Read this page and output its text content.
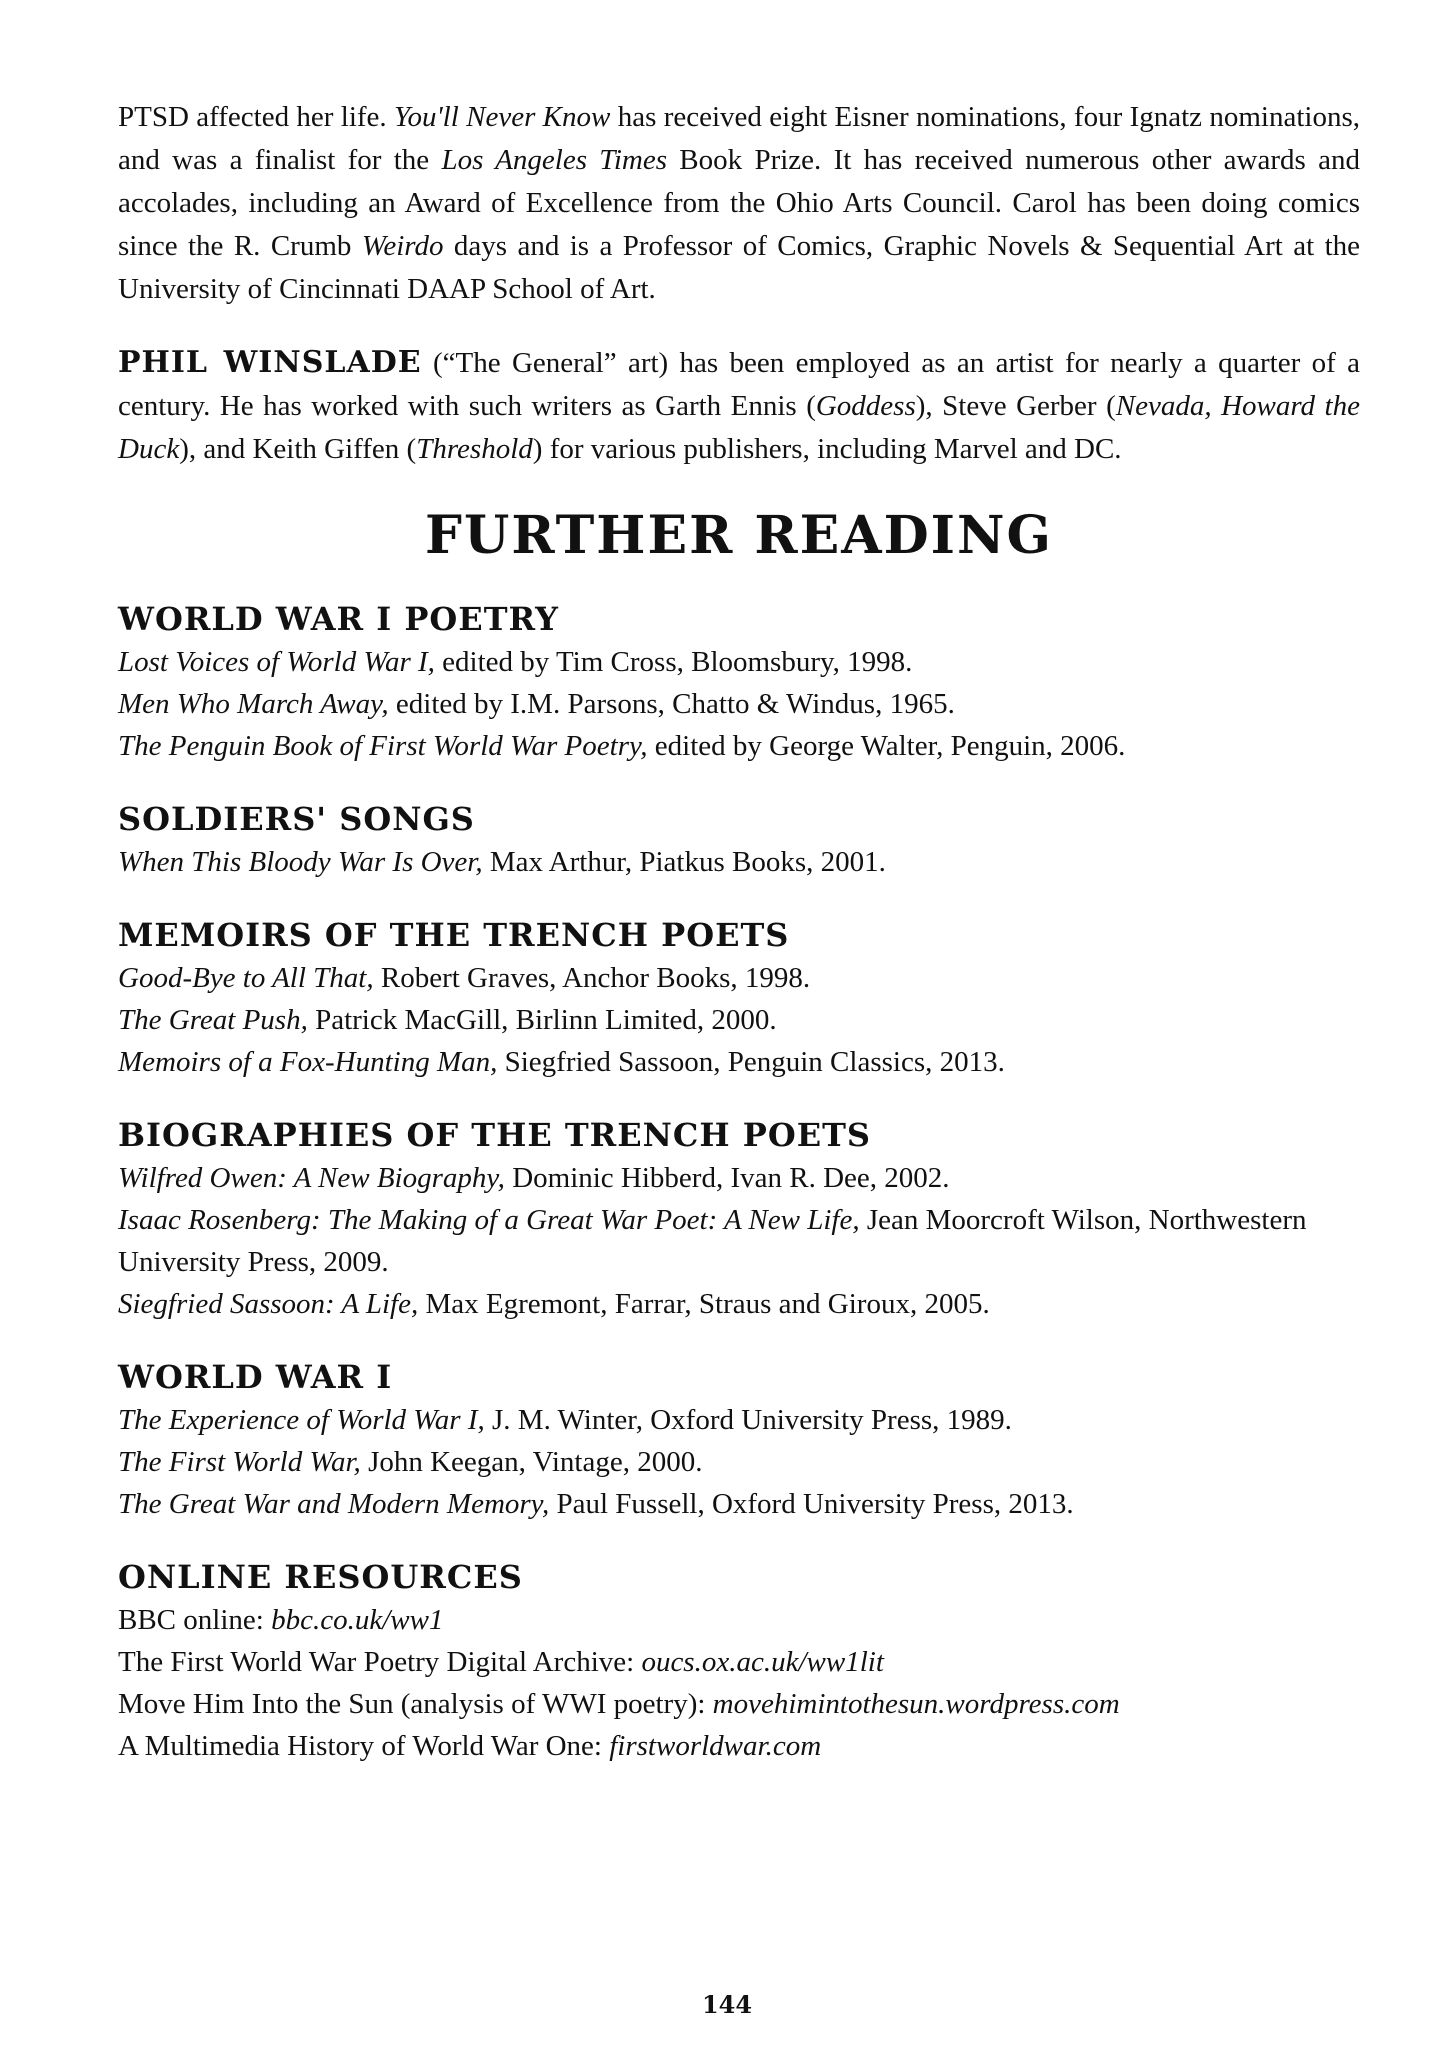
PTSD affected her life. You'll Never Know has received eight Eisner nominations, four Ignatz nominations, and was a finalist for the Los Angeles Times Book Prize. It has received numerous other awards and accolades, including an Award of Excellence from the Ohio Arts Council. Carol has been doing comics since the R. Crumb Weirdo days and is a Professor of Comics, Graphic Novels & Sequential Art at the University of Cincinnati DAAP School of Art.

PHIL WINSLADE (“The General” art) has been employed as an artist for nearly a quarter of a century. He has worked with such writers as Garth Ennis (Goddess), Steve Gerber (Nevada, Howard the Duck), and Keith Giffen (Threshold) for various publishers, including Marvel and DC.

FURTHER READING
WORLD WAR I POETRY

Lost Voices of World War I, edited by Tim Cross, Bloomsbury, 1998.

Men Who March Away, edited by I.M. Parsons, Chatto & Windus, 1965.

The Penguin Book of First World War Poetry, edited by George Walter, Penguin, 2006.

SOLDIERS' SONGS

When This Bloody War Is Over, Max Arthur, Piatkus Books, 2001.

MEMOIRS OF THE TRENCH POETS

Good-Bye to All That, Robert Graves, Anchor Books, 1998.

The Great Push, Patrick MacGill, Birlinn Limited, 2000.

Memoirs of a Fox-Hunting Man, Siegfried Sassoon, Penguin Classics, 2013.

BIOGRAPHIES OF THE TRENCH POETS

Wilfred Owen: A New Biography, Dominic Hibberd, Ivan R. Dee, 2002.

Isaac Rosenberg: The Making of a Great War Poet: A New Life, Jean Moorcroft Wilson, Northwestern University Press, 2009.

Siegfried Sassoon: A Life, Max Egremont, Farrar, Straus and Giroux, 2005.

WORLD WAR I

The Experience of World War I, J. M. Winter, Oxford University Press, 1989.

The First World War, John Keegan, Vintage, 2000.

The Great War and Modern Memory, Paul Fussell, Oxford University Press, 2013.

ONLINE RESOURCES

BBC online: bbc.co.uk/ww1

The First World War Poetry Digital Archive: oucs.ox.ac.uk/ww1lit

Move Him Into the Sun (analysis of WWI poetry): movehimintothesun.wordpress.com

A Multimedia History of World War One: firstworldwar.com

144
